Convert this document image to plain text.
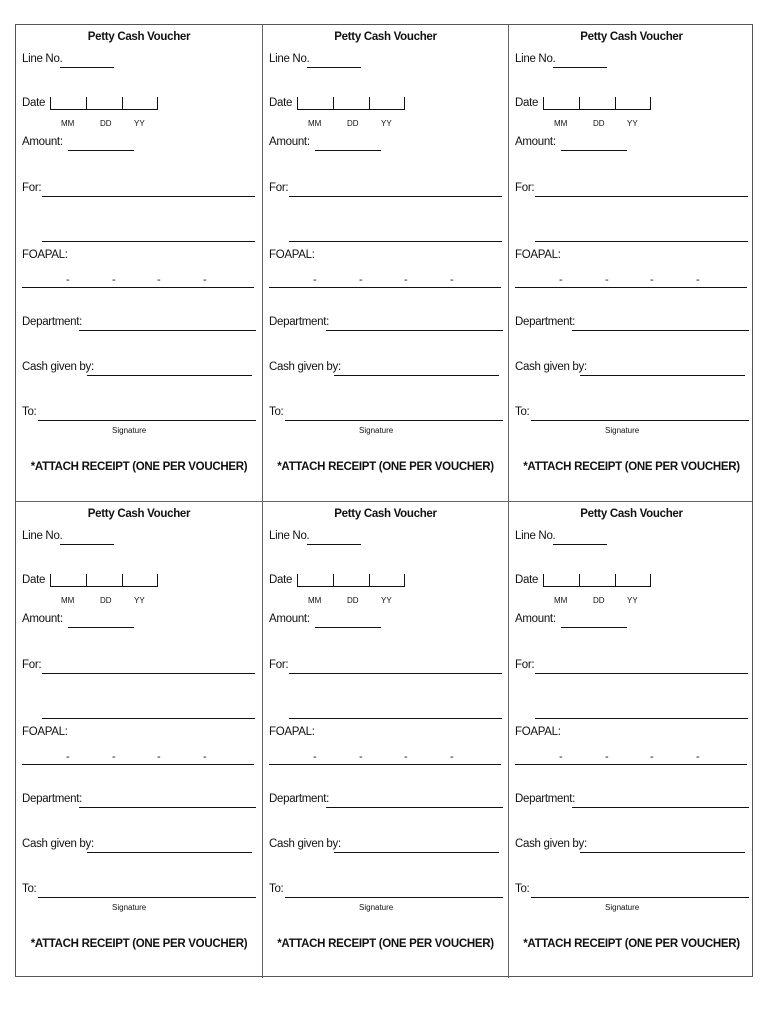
Petty Cash Voucher
Line No.
Date
MM	DD	YY
Amount:
For:
FOAPAL:
-	-	-	-
Department:
Cash given by:
To:
Signature
*ATTACH RECEIPT (ONE PER VOUCHER)
Petty Cash Voucher
Line No.
Date
MM	DD	YY
Amount:
For:
FOAPAL:
-	-	-	-
Department:
Cash given by:
To:
Signature
*ATTACH RECEIPT (ONE PER VOUCHER)
Petty Cash Voucher
Line No.
Date
MM	DD	YY
Amount:
For:
FOAPAL:
-	-	-	-
Department:
Cash given by:
To:
Signature
*ATTACH RECEIPT (ONE PER VOUCHER)
Petty Cash Voucher
Line No.
Date
MM	DD	YY
Amount:
For:
FOAPAL:
-	-	-	-
Department:
Cash given by:
To:
Signature
*ATTACH RECEIPT (ONE PER VOUCHER)
Petty Cash Voucher
Line No.
Date
MM	DD	YY
Amount:
For:
FOAPAL:
-	-	-	-
Department:
Cash given by:
To:
Signature
*ATTACH RECEIPT (ONE PER VOUCHER)
Petty Cash Voucher
Line No.
Date
MM	DD	YY
Amount:
For:
FOAPAL:
-	-	-	-
Department:
Cash given by:
To:
Signature
*ATTACH RECEIPT (ONE PER VOUCHER)
